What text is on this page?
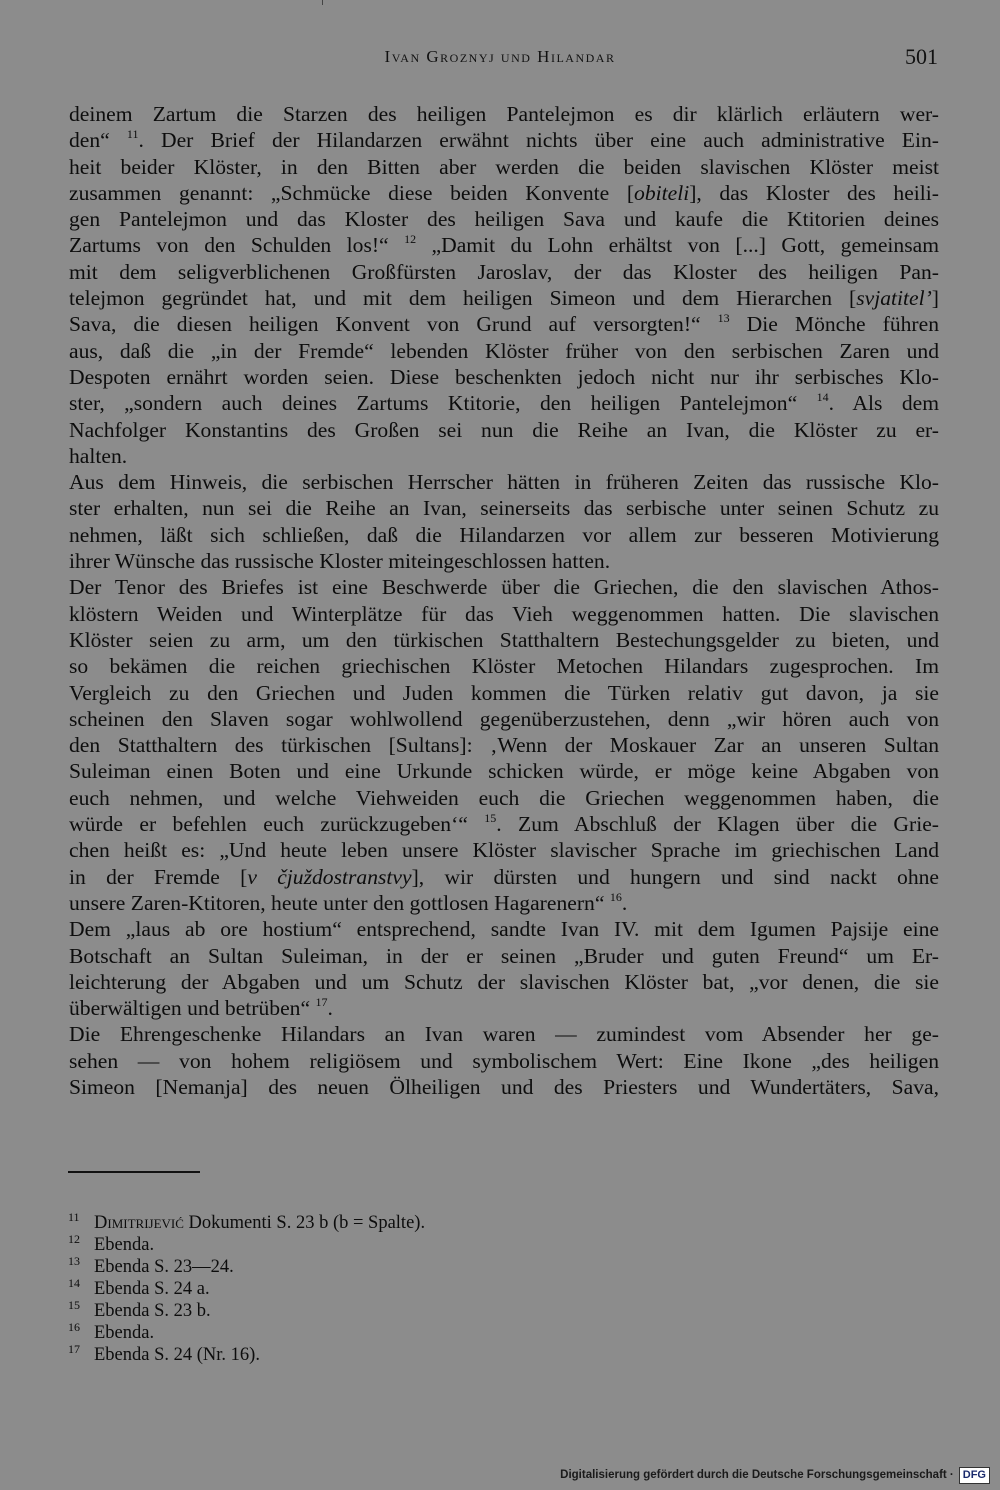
Ivan Groznyj und Hilandar	501
deinem Zartum die Starzen des heiligen Pantelejmon es dir klärlich erläutern wer-
den“ $^{11}$. Der Brief der Hilandarzen erwähnt nichts über eine auch administrative Ein-
heit beider Klöster, in den Bitten aber werden die beiden slavischen Klöster meist
zusammen genannt: „Schmücke diese beiden Konvente [obiteli], das Kloster des heili-
gen Pantelejmon und das Kloster des heiligen Sava und kaufe die Ktitorien deines
Zartums von den Schulden los!“ $^{12}$ „Damit du Lohn erhältst von [...] Gott, gemeinsam
mit dem seligverblichenen Großfürsten Jaroslav, der das Kloster des heiligen Pan-
telejmon gegründet hat, und mit dem heiligen Simeon und dem Hierarchen [svjatitel’]
Sava, die diesen heiligen Konvent von Grund auf versorgten!“ $^{13}$ Die Mönche führen
aus, daß die „in der Fremde“ lebenden Klöster früher von den serbischen Zaren und
Despoten ernährt worden seien. Diese beschenkten jedoch nicht nur ihr serbisches Klo-
ster, „sondern auch deines Zartums Ktitorie, den heiligen Pantelejmon“ $^{14}$. Als dem
Nachfolger Konstantins des Großen sei nun die Reihe an Ivan, die Klöster zu er-
halten.
Aus dem Hinweis, die serbischen Herrscher hätten in früheren Zeiten das russische Klo-
ster erhalten, nun sei die Reihe an Ivan, seinerseits das serbische unter seinen Schutz zu
nehmen, läßt sich schließen, daß die Hilandarzen vor allem zur besseren Motivierung
ihrer Wünsche das russische Kloster miteingeschlossen hatten.
Der Tenor des Briefes ist eine Beschwerde über die Griechen, die den slavischen Athos-
klöstern Weiden und Winterplätze für das Vieh weggenommen hatten. Die slavischen
Klöster seien zu arm, um den türkischen Statthaltern Bestechungsgelder zu bieten, und
so bekämen die reichen griechischen Klöster Metochen Hilandars zugesprochen. Im
Vergleich zu den Griechen und Juden kommen die Türken relativ gut davon, ja sie
scheinen den Slaven sogar wohlwollend gegenüberzustehen, denn „wir hören auch von
den Statthaltern des türkischen [Sultans]: ‚Wenn der Moskauer Zar an unseren Sultan
Suleiman einen Boten und eine Urkunde schicken würde, er möge keine Abgaben von
euch nehmen, und welche Viehweiden euch die Griechen weggenommen haben, die
würde er befehlen euch zurückzugeben‘“ $^{15}$. Zum Abschluß der Klagen über die Grie-
chen heißt es: „Und heute leben unsere Klöster slavischer Sprache im griechischen Land
in der Fremde [v čjuždostranstvy], wir dürsten und hungern und sind nackt ohne
unsere Zaren-Ktitoren, heute unter den gottlosen Hagarenern“ $^{16}$.
Dem „laus ab ore hostium“ entsprechend, sandte Ivan IV. mit dem Igumen Pajsije eine
Botschaft an Sultan Suleiman, in der er seinen „Bruder und guten Freund“ um Er-
leichterung der Abgaben und um Schutz der slavischen Klöster bat, „vor denen, die sie
überwältigen und betrüben“ $^{17}$.
Die Ehrengeschenke Hilandars an Ivan waren — zumindest vom Absender her ge-
sehen — von hohem religiösem und symbolischem Wert: Eine Ikone „des heiligen
Simeon [Nemanja] des neuen Ölheiligen und des Priesters und Wundertäters, Sava,
11 Dimitrijević Dokumenti S. 23 b (b = Spalte).
12 Ebenda.
13 Ebenda S. 23—24.
14 Ebenda S. 24 a.
15 Ebenda S. 23 b.
16 Ebenda.
17 Ebenda S. 24 (Nr. 16).
Digitalisierung gefördert durch die Deutsche Forschungsgemeinschaft · DFG
